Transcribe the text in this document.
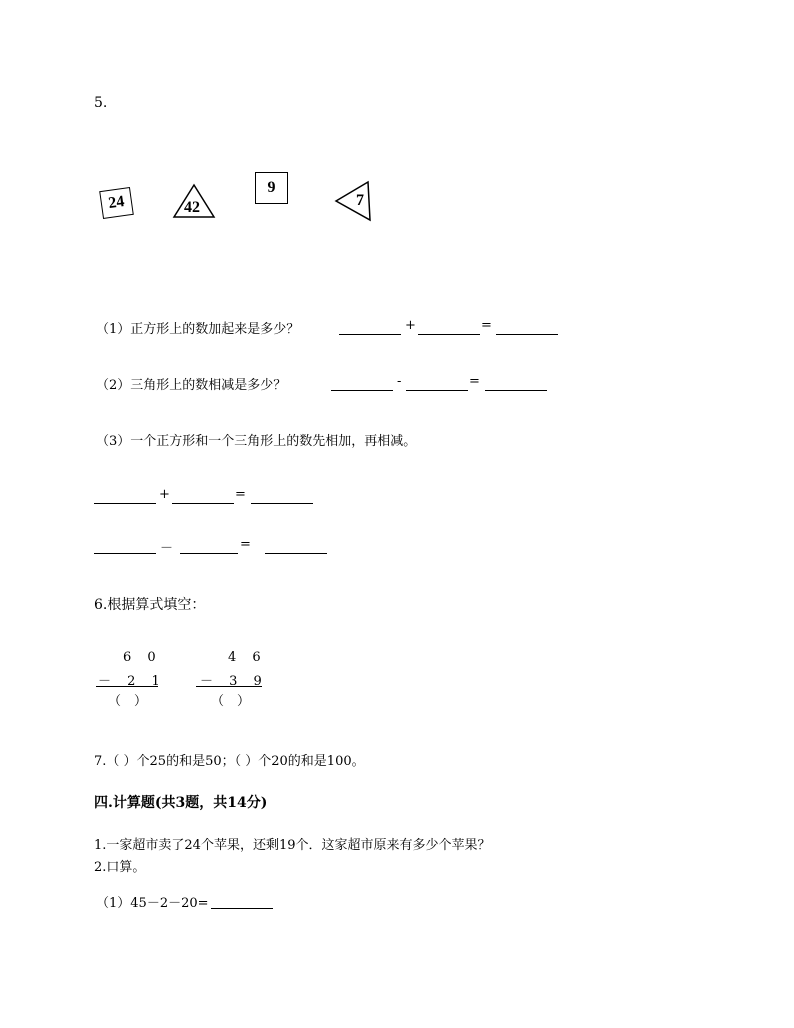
5.
24	42
9
7
（1）正方形上的数加起来是多少？	+	=
（2）三角形上的数相减是多少？	-	=
（3）一个正方形和一个三角形上的数先相加，再相减。
+	=
－	=
6.根据算式填空：
6 0
－ 2 1
（　）
4 6
－ 3 9
（　）
7.（ ）个25的和是50；（ ）个20的和是100。
四.计算题(共3题，共14分)
1.一家超市卖了24个苹果，还剩19个．这家超市原来有多少个苹果？
2.口算。
（1）45－2－20=
